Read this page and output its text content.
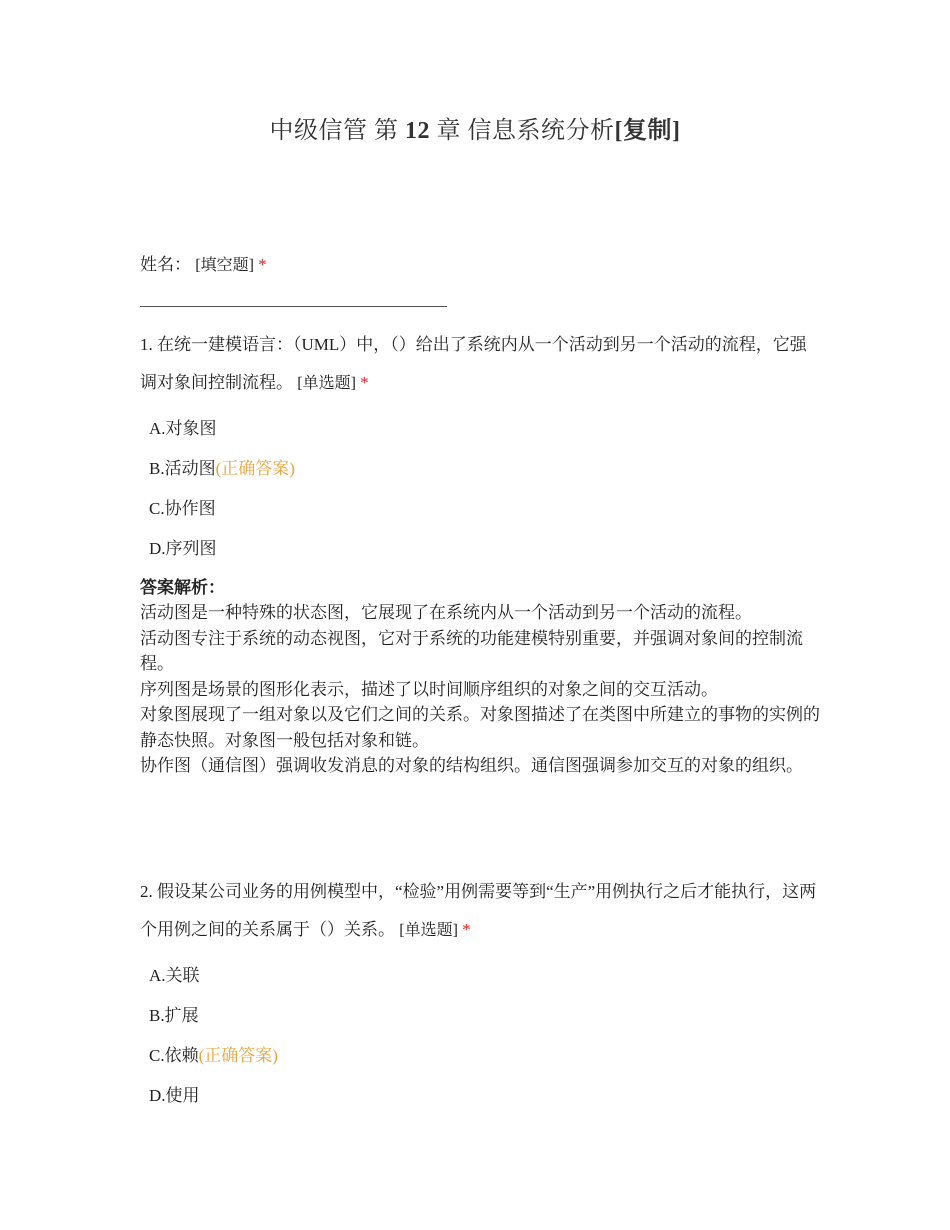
中级信管 第 12 章 信息系统分析[复制]
姓名： [填空题] *
1. 在统一建模语言：（UML）中，（）给出了系统内从一个活动到另一个活动的流程，它强调对象间控制流程。 [单选题] *
A.对象图
B.活动图(正确答案)
C.协作图
D.序列图
答案解析：

活动图是一种特殊的状态图，它展现了在系统内从一个活动到另一个活动的流程。

活动图专注于系统的动态视图，它对于系统的功能建模特别重要，并强调对象间的控制流程。

序列图是场景的图形化表示，描述了以时间顺序组织的对象之间的交互活动。

对象图展现了一组对象以及它们之间的关系。对象图描述了在类图中所建立的事物的实例的静态快照。对象图一般包括对象和链。

协作图（通信图）强调收发消息的对象的结构组织。通信图强调参加交互的对象的组织。

2. 假设某公司业务的用例模型中，“检验”用例需要等到“生产”用例执行之后才能执行，这两个用例之间的关系属于（）关系。 [单选题] *
A.关联
B.扩展
C.依赖(正确答案)
D.使用
